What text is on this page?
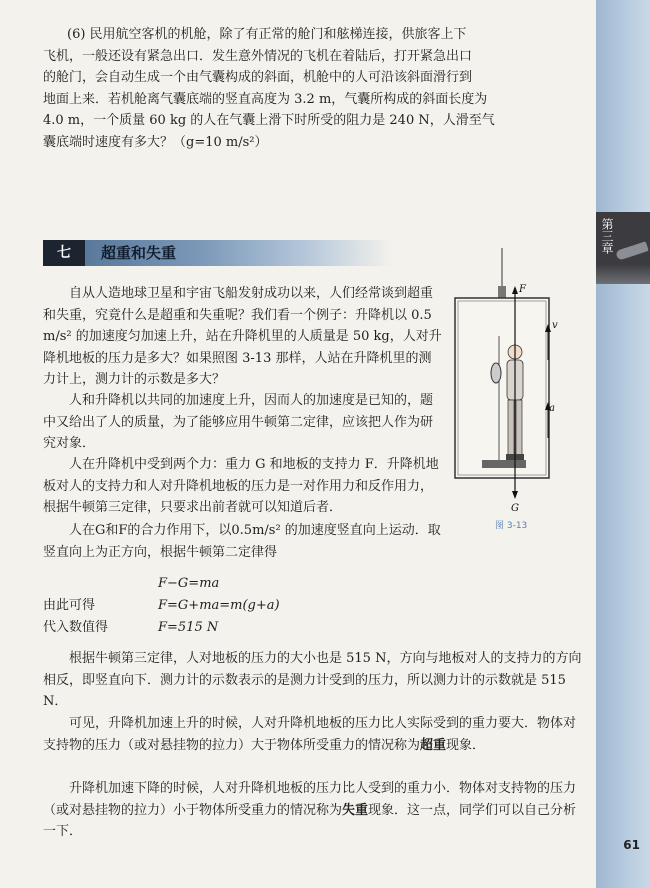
(6) 民用航空客机的机舱，除了有正常的舱门和舷梯连接，供旅客上下
飞机，一般还设有紧急出口．发生意外情况的飞机在着陆后，打开紧急出口
的舱门，会自动生成一个由气囊构成的斜面，机舱中的人可沿该斜面滑行到
地面上来．若机舱离气囊底端的竖直高度为 3.2 m，气囊所构成的斜面长度为
4.0 m，一个质量 60 kg 的人在气囊上滑下时所受的阻力是 240 N，人滑至气
囊底端时速度有多大？（g=10 m/s²）
七	超重和失重
自从人造地球卫星和宇宙飞船发射成功以来，人们经常谈到超重和失重，究竟什么是超重和失重呢？我们看一个例子：升降机以 0.5 m/s² 的加速度匀加速上升，站在升降机里的人质量是 50 kg，人对升降机地板的压力是多大？如果照图 3-13 那样，人站在升降机里的测力计上，测力计的示数是多大？
人和升降机以共同的加速度上升，因而人的加速度是已知的，题中又给出了人的质量，为了能够应用牛顿第二定律，应该把人作为研究对象．
人在升降机中受到两个力：重力 G 和地板的支持力 F．升降机地板对人的支持力和人对升降机地板的压力是一对作用力和反作用力，根据牛顿第三定律，只要求出前者就可以知道后者．
人在G和F的合力作用下，以0.5m/s² 的加速度竖直向上运动．取竖直向上为正方向，根据牛顿第二定律得
F−G=ma
由此可得	F=G+ma=m(g+a)
代入数值得	F=515 N
根据牛顿第三定律，人对地板的压力的大小也是 515 N，方向与地板对人的支持力的方向相反，即竖直向下．测力计的示数表示的是测力计受到的压力，所以测力计的示数就是 515 N．
可见，升降机加速上升的时候，人对升降机地板的压力比人实际受到的重力要大．物体对支持物的压力（或对悬挂物的拉力）大于物体所受重力的情况称为超重现象．
升降机加速下降的时候，人对升降机地板的压力比人受到的重力小．物体对支持物的压力（或对悬挂物的拉力）小于物体所受重力的情况称为失重现象．这一点，同学们可以自己分析一下．
F
G
v
a
图 3-13
第三章
61
